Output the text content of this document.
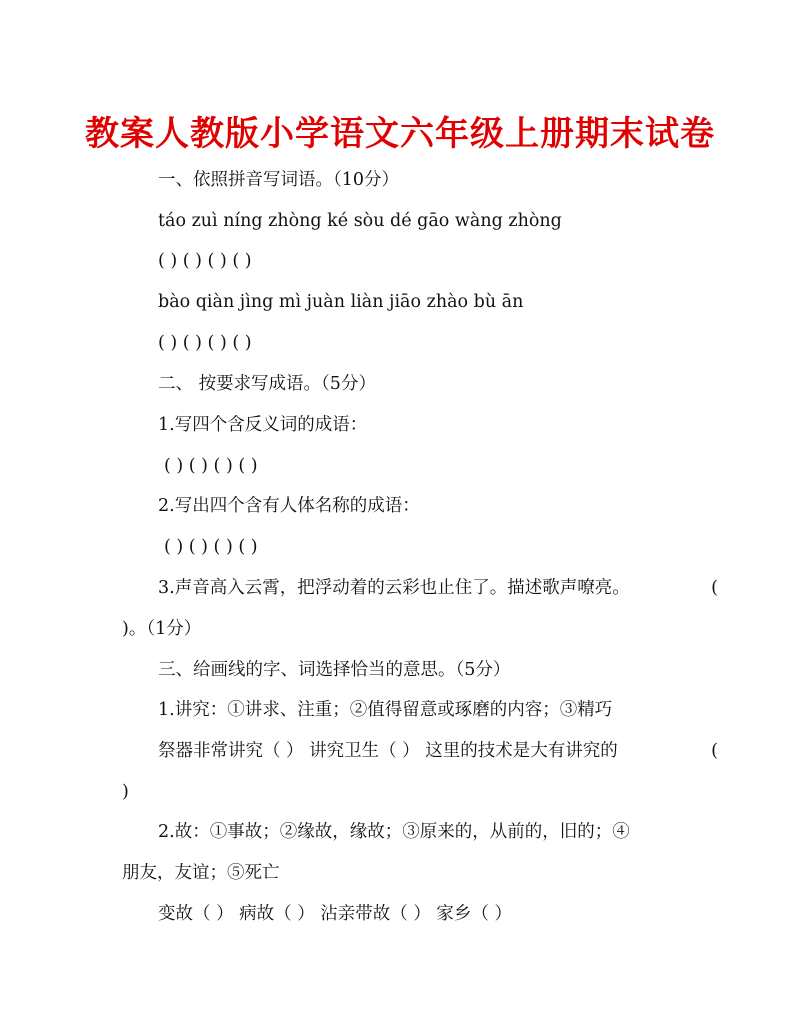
教案人教版小学语文六年级上册期末试卷
一、依照拼音写词语。（10分）
táo zuì níng zhòng ké sòu dé gāo wàng zhòng
( ) ( ) ( ) ( )
bào qiàn jìng mì juàn liàn jiāo zhào bù ān
( ) ( ) ( ) ( )
二、 按要求写成语。（5分）
1.写四个含反义词的成语：
( ) ( ) ( ) ( )
2.写出四个含有人体名称的成语：
( ) ( ) ( ) ( )
3.声音高入云霄，把浮动着的云彩也止住了。描述歌声嘹亮。	(
)。（1分）
三、给画线的字、词选择恰当的意思。（5分）
1.讲究：①讲求、注重；②值得留意或琢磨的内容；③精巧
祭器非常讲究（ ） 讲究卫生（ ） 这里的技术是大有讲究的	(
)
2.故：①事故；②缘故，缘故；③原来的，从前的，旧的；④
朋友，友谊；⑤死亡
变故（ ） 病故（ ） 沾亲带故（ ） 家乡（ ）
